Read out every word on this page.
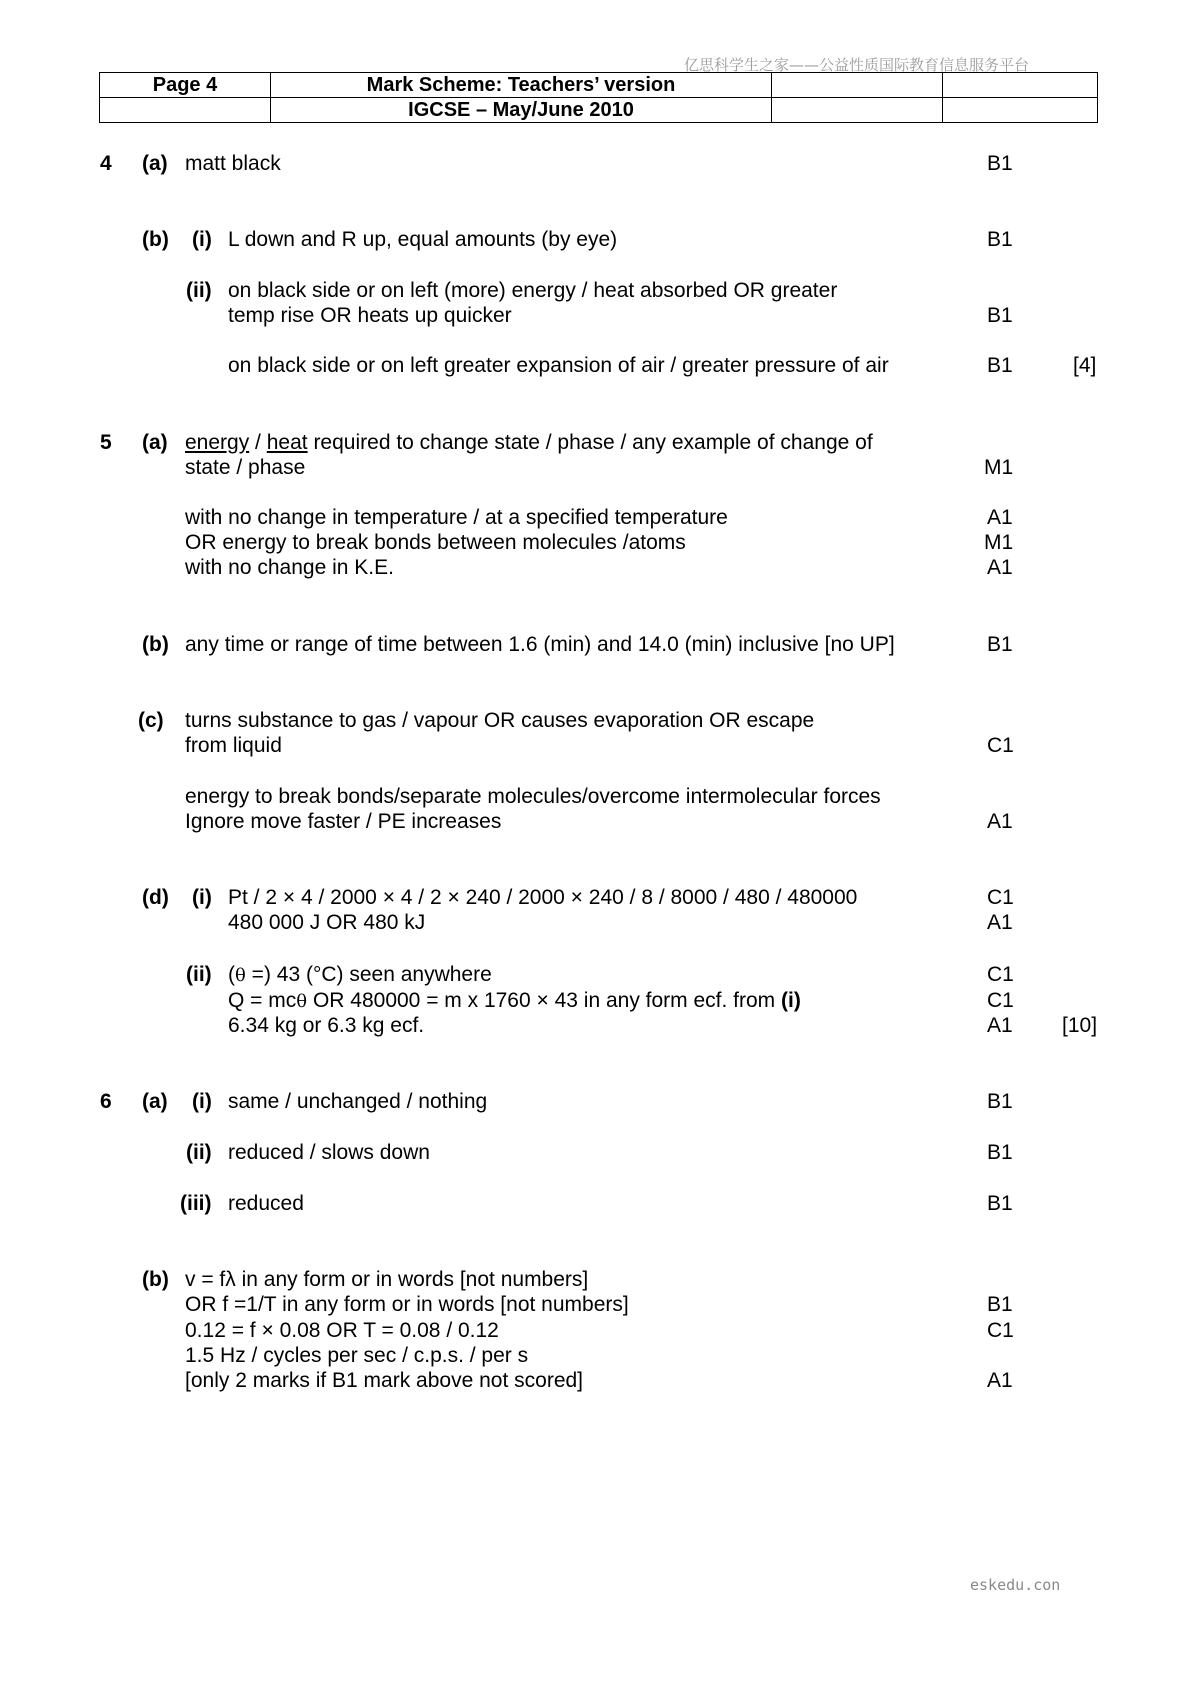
亿思科学生之家——公益性质国际教育信息服务平台
Page 4	Mark Scheme: Teachers’ version		
	IGCSE – May/June 2010		
4 (a) matt black	B1
(b) (i) L down and R up, equal amounts (by eye)	B1
(ii) on black side or on left (more) energy / heat absorbed OR greater
temp rise OR heats up quicker	B1
on black side or on left greater expansion of air / greater pressure of air	B1	[4]
5 (a) energy / heat required to change state / phase / any example of change of
state / phase	M1
with no change in temperature / at a specified temperature	A1
OR energy to break bonds between molecules /atoms	M1
with no change in K.E.	A1
(b) any time or range of time between 1.6 (min) and 14.0 (min) inclusive [no UP]	B1
(c) turns substance to gas / vapour OR causes evaporation OR escape
from liquid	C1
energy to break bonds/separate molecules/overcome intermolecular forces
Ignore move faster / PE increases	A1
(d) (i) Pt / 2 × 4 / 2000 × 4 / 2 × 240 / 2000 × 240 / 8 / 8000 / 480 / 480000	C1
480 000 J OR 480 kJ	A1
(ii) (θ =) 43 (°C) seen anywhere	C1
Q = mcθ OR 480000 = m x 1760 × 43 in any form ecf. from (i)	C1
6.34 kg or 6.3 kg ecf.	A1 [10]
6 (a) (i) same / unchanged / nothing	B1
(ii) reduced / slows down	B1
(iii) reduced	B1
(b) v = fλ in any form or in words [not numbers]
OR f =1/T in any form or in words [not numbers]	B1
0.12 = f × 0.08 OR T = 0.08 / 0.12	C1
1.5 Hz / cycles per sec / c.p.s. / per s
[only 2 marks if B1 mark above not scored]	A1
eskedu.con
